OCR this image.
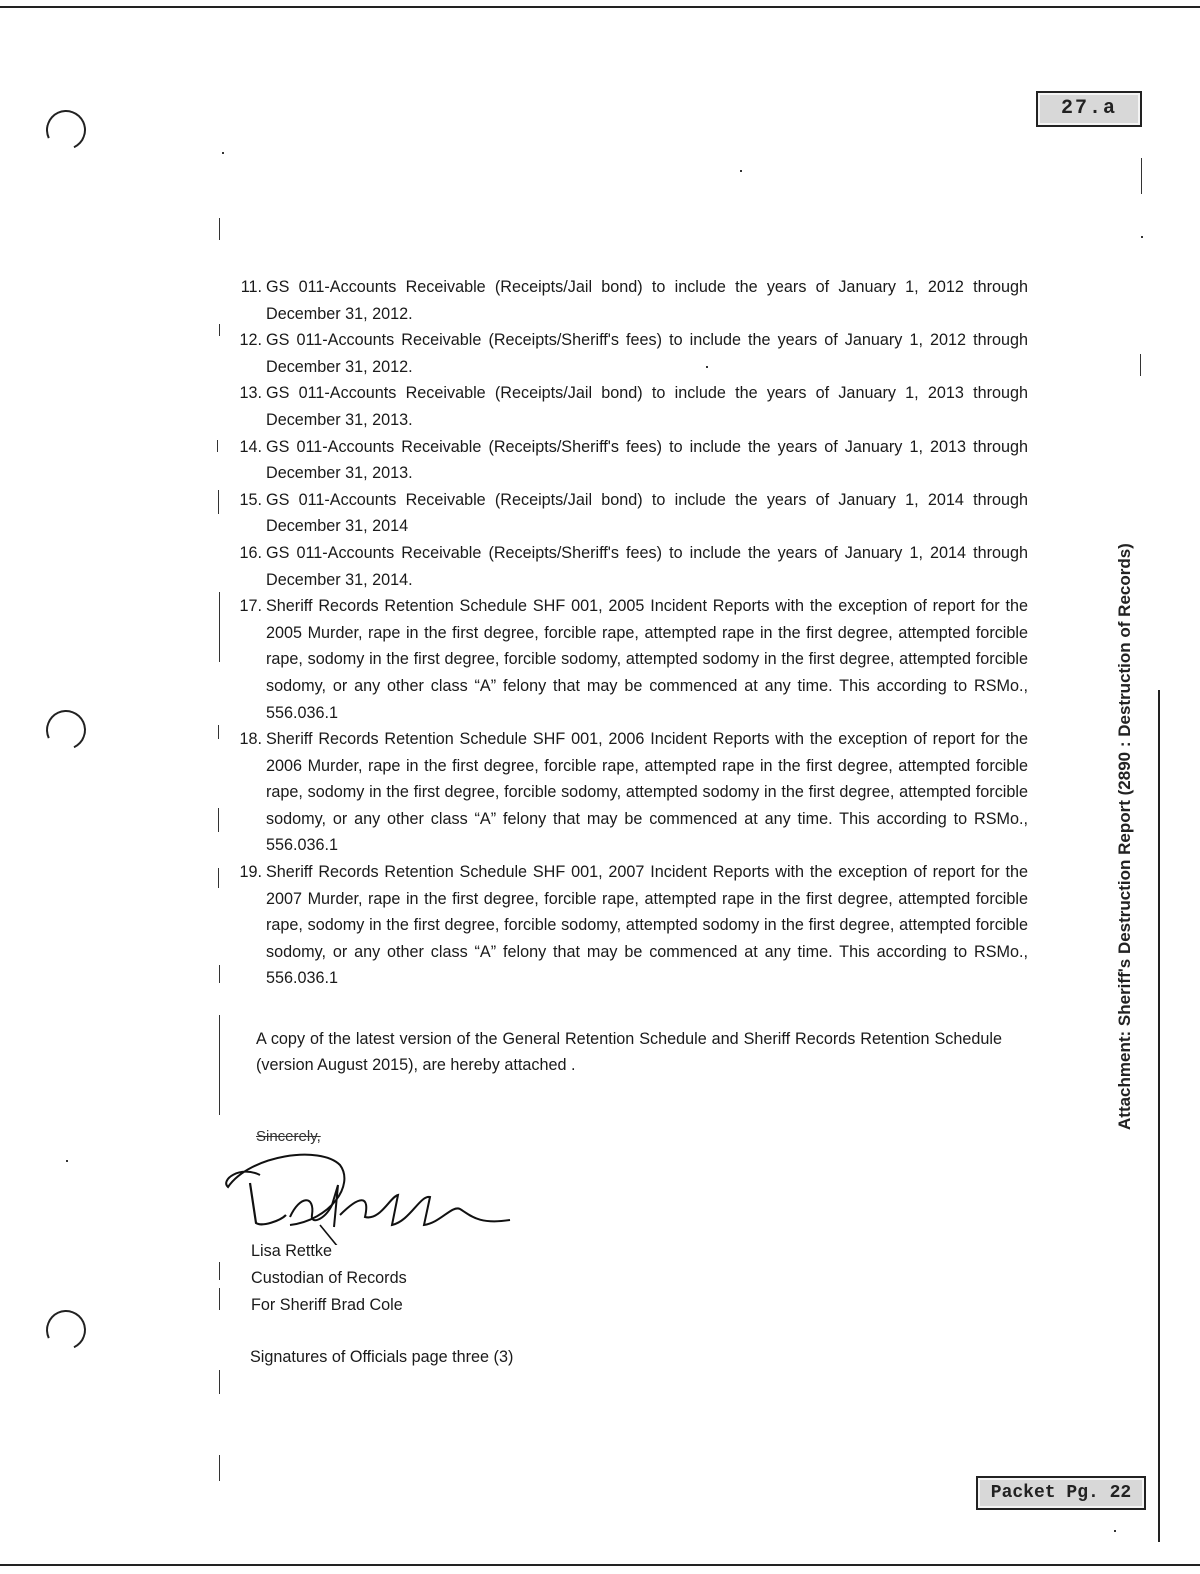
27.a
Packet Pg. 22
Attachment: Sheriff's Destruction Report (2890 : Destruction of Records)
11. GS 011-Accounts Receivable (Receipts/Jail bond) to include the years of January 1, 2012 through December 31, 2012.
12. GS 011-Accounts Receivable (Receipts/Sheriff's fees) to include the years of January 1, 2012 through December 31, 2012.
13. GS 011-Accounts Receivable (Receipts/Jail bond) to include the years of January 1, 2013 through December 31, 2013.
14. GS 011-Accounts Receivable (Receipts/Sheriff's fees) to include the years of January 1, 2013 through December 31, 2013.
15. GS 011-Accounts Receivable (Receipts/Jail bond) to include the years of January 1, 2014 through December 31, 2014
16. GS 011-Accounts Receivable (Receipts/Sheriff's fees) to include the years of January 1, 2014 through December 31, 2014.
17. Sheriff Records Retention Schedule SHF 001, 2005 Incident Reports with the exception of report for the 2005 Murder, rape in the first degree, forcible rape, attempted rape in the first degree, attempted forcible rape, sodomy in the first degree, forcible sodomy, attempted sodomy in the first degree, attempted forcible sodomy, or any other class “A” felony that may be commenced at any time. This according to RSMo., 556.036.1
18. Sheriff Records Retention Schedule SHF 001, 2006 Incident Reports with the exception of report for the 2006 Murder, rape in the first degree, forcible rape, attempted rape in the first degree, attempted forcible rape, sodomy in the first degree, forcible sodomy, attempted sodomy in the first degree, attempted forcible sodomy, or any other class “A” felony that may be commenced at any time. This according to RSMo., 556.036.1
19. Sheriff Records Retention Schedule SHF 001, 2007 Incident Reports with the exception of report for the 2007 Murder, rape in the first degree, forcible rape, attempted rape in the first degree, attempted forcible rape, sodomy in the first degree, forcible sodomy, attempted sodomy in the first degree, attempted forcible sodomy, or any other class “A” felony that may be commenced at any time. This according to RSMo., 556.036.1

A copy of the latest version of the General Retention Schedule and Sheriff Records Retention Schedule (version August 2015), are hereby attached .

Sincerely,
Lisa Rettke
Custodian of Records
For Sheriff Brad Cole

Signatures of Officials page three (3)
